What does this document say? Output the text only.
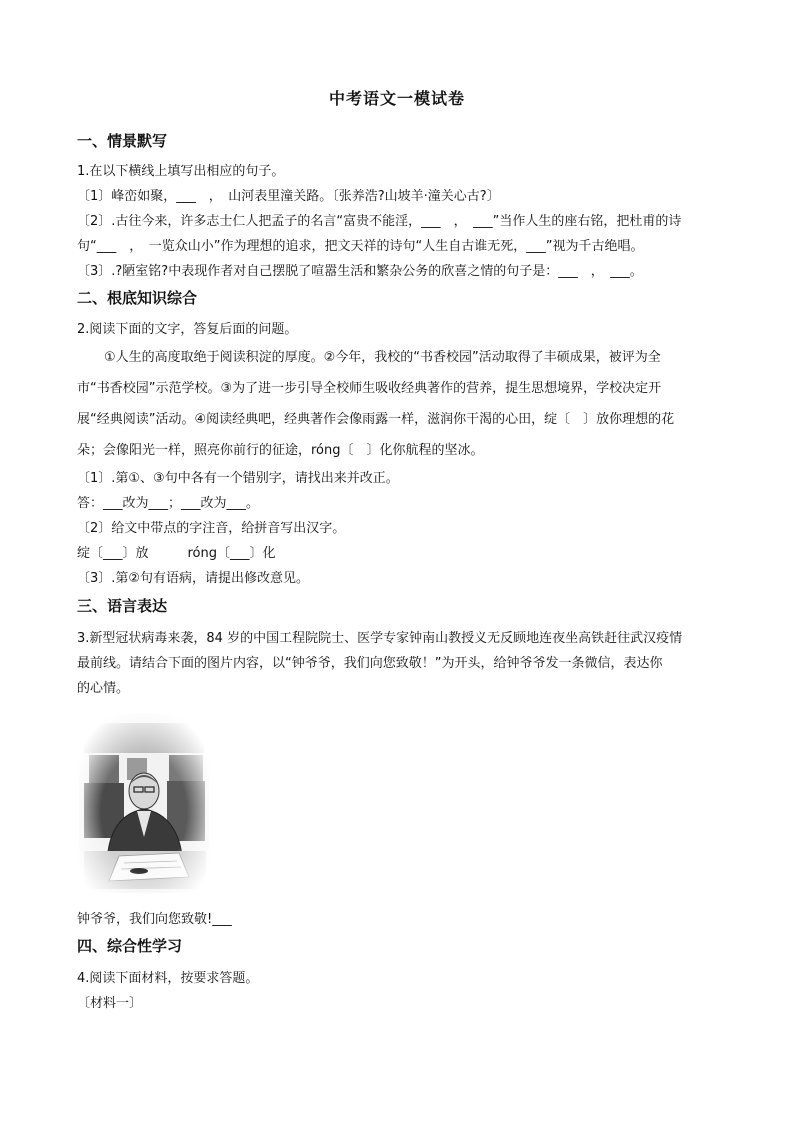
中考语文一模试卷
一、情景默写
1.在以下横线上填写出相应的句子。
〔1〕峰峦如聚，___　，　山河表里潼关路。〔张养浩?山坡羊·潼关心古?〕
〔2〕.古往今来，许多志士仁人把孟子的名言“富贵不能淫，___　，　___”当作人生的座右铭，把杜甫的诗
句“___　，　一览众山小”作为理想的追求，把文天祥的诗句“人生自古谁无死，___”视为千古绝唱。
〔3〕.?陋室铭?中表现作者对自己摆脱了喧嚣生活和繁杂公务的欣喜之情的句子是：___　，　___。
二、根底知识综合
2.阅读下面的文字，答复后面的问题。
①人生的高度取绝于阅读积淀的厚度。②今年，我校的“书香校园”活动取得了丰硕成果，被评为全
市“书香校园”示范学校。③为了进一步引导全校师生吸收经典著作的营养，提生思想境界，学校决定开
展“经典阅读”活动。④阅读经典吧，经典著作会像雨露一样，滋润你干渴的心田，绽〔　〕放你理想的花
朵；会像阳光一样，照亮你前行的征途，róng〔　〕化你航程的坚冰。
〔1〕.第①、③句中各有一个错别字，请找出来并改正。
答：___改为___；___改为___。
〔2〕给文中带点的字注音，给拼音写出汉字。
绽〔___〕放　　　róng〔___〕化
〔3〕.第②句有语病，请提出修改意见。
三、语言表达
3.新型冠状病毒来袭，84 岁的中国工程院院士、医学专家钟南山教授义无反顾地连夜坐高铁赶往武汉疫情
最前线。请结合下面的图片内容，以“钟爷爷，我们向您致敬！”为开头，给钟爷爷发一条微信，表达你
的心情。
钟爷爷，我们向您致敬!___
四、综合性学习
4.阅读下面材料，按要求答题。
〔材料一〕
